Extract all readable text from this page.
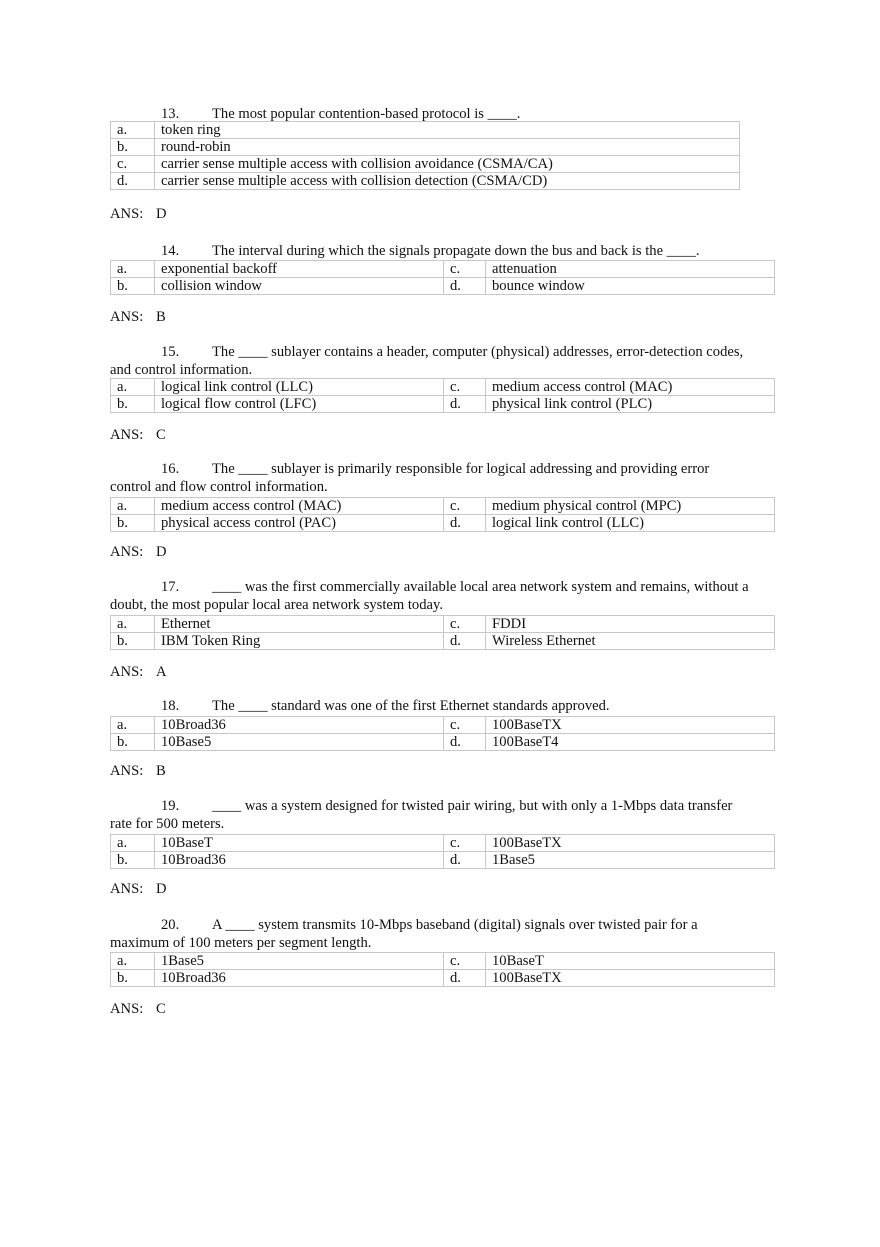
13. The most popular contention-based protocol is ____.
a.	token ring
b.	round-robin
c.	carrier sense multiple access with collision avoidance (CSMA/CA)
d.	carrier sense multiple access with collision detection (CSMA/CD)
ANS: D
14. The interval during which the signals propagate down the bus and back is the ____.
a.	exponential backoff	c.	attenuation
b.	collision window	d.	bounce window
ANS: B
15. The ____ sublayer contains a header, computer (physical) addresses, error-detection codes, and control information.
a.	logical link control (LLC)	c.	medium access control (MAC)
b.	logical flow control (LFC)	d.	physical link control (PLC)
ANS: C
16. The ____ sublayer is primarily responsible for logical addressing and providing error control and flow control information.
a.	medium access control (MAC)	c.	medium physical control (MPC)
b.	physical access control (PAC)	d.	logical link control (LLC)
ANS: D
17. ____ was the first commercially available local area network system and remains, without a doubt, the most popular local area network system today.
a.	Ethernet	c.	FDDI
b.	IBM Token Ring	d.	Wireless Ethernet
ANS: A
18. The ____ standard was one of the first Ethernet standards approved.
a.	10Broad36	c.	100BaseTX
b.	10Base5	d.	100BaseT4
ANS: B
19. ____ was a system designed for twisted pair wiring, but with only a 1-Mbps data transfer rate for 500 meters.
a.	10BaseT	c.	100BaseTX
b.	10Broad36	d.	1Base5
ANS: D
20. A ____ system transmits 10-Mbps baseband (digital) signals over twisted pair for a maximum of 100 meters per segment length.
a.	1Base5	c.	10BaseT
b.	10Broad36	d.	100BaseTX
ANS: C
